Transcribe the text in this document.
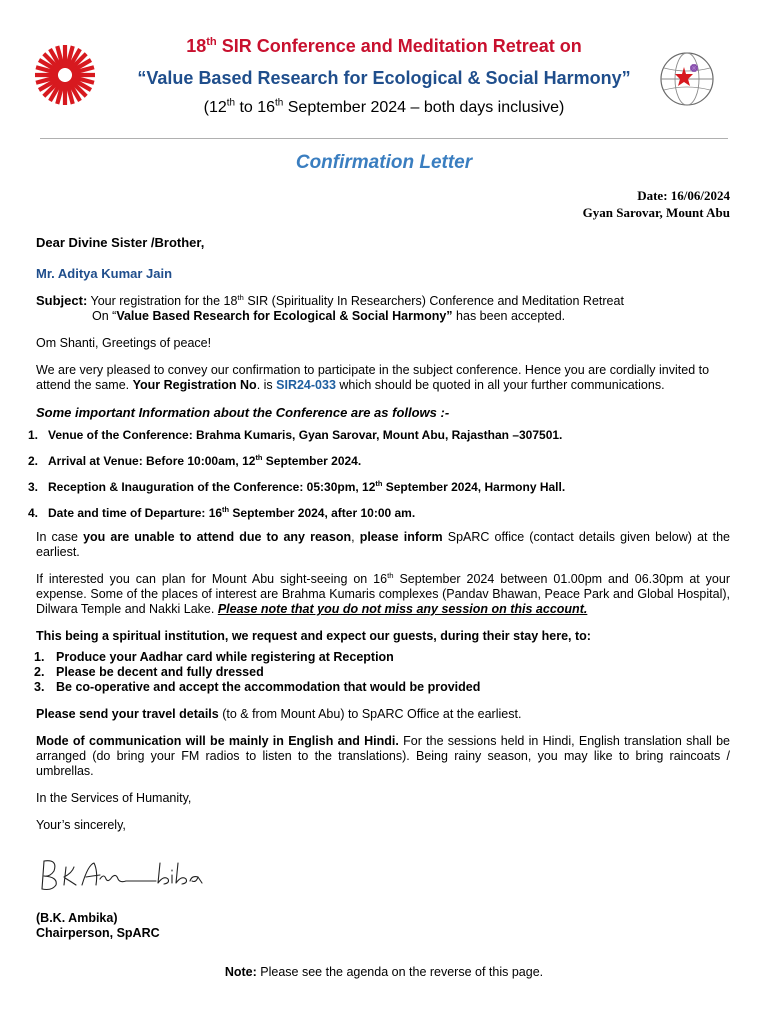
18th SIR Conference and Meditation Retreat on
“Value Based Research for Ecological & Social Harmony”
(12th to 16th September 2024 – both days inclusive)
Confirmation Letter
Date: 16/06/2024
Gyan Sarovar, Mount Abu

Dear Divine Sister /Brother,

Mr. Aditya Kumar Jain

Subject: Your registration for the 18th SIR (Spirituality In Researchers) Conference and Meditation Retreat
On “Value Based Research for Ecological & Social Harmony” has been accepted.

Om Shanti, Greetings of peace!

We are very pleased to convey our confirmation to participate in the subject conference. Hence you are cordially invited to attend the same. Your Registration No. is SIR24-033 which should be quoted in all your further communications.

Some important Information about the Conference are as follows :-

1. Venue of the Conference: Brahma Kumaris, Gyan Sarovar, Mount Abu, Rajasthan –307501.
2. Arrival at Venue: Before 10:00am, 12th September 2024.
3. Reception & Inauguration of the Conference: 05:30pm, 12th September 2024, Harmony Hall.
4. Date and time of Departure: 16th September 2024, after 10:00 am.

In case you are unable to attend due to any reason, please inform SpARC office (contact details given below) at the earliest.

If interested you can plan for Mount Abu sight-seeing on 16th September 2024 between 01.00pm and 06.30pm at your expense. Some of the places of interest are Brahma Kumaris complexes (Pandav Bhawan, Peace Park and Global Hospital), Dilwara Temple and Nakki Lake. Please note that you do not miss any session on this account.

This being a spiritual institution, we request and expect our guests, during their stay here, to:

1. Produce your Aadhar card while registering at Reception
2. Please be decent and fully dressed
3. Be co-operative and accept the accommodation that would be provided

Please send your travel details (to & from Mount Abu) to SpARC Office at the earliest.

Mode of communication will be mainly in English and Hindi. For the sessions held in Hindi, English translation shall be arranged (do bring your FM radios to listen to the translations). Being rainy season, you may like to bring raincoats / umbrellas.

In the Services of Humanity,

Your’s sincerely,

(B.K. Ambika)

Chairperson, SpARC

Note: Please see the agenda on the reverse of this page.
